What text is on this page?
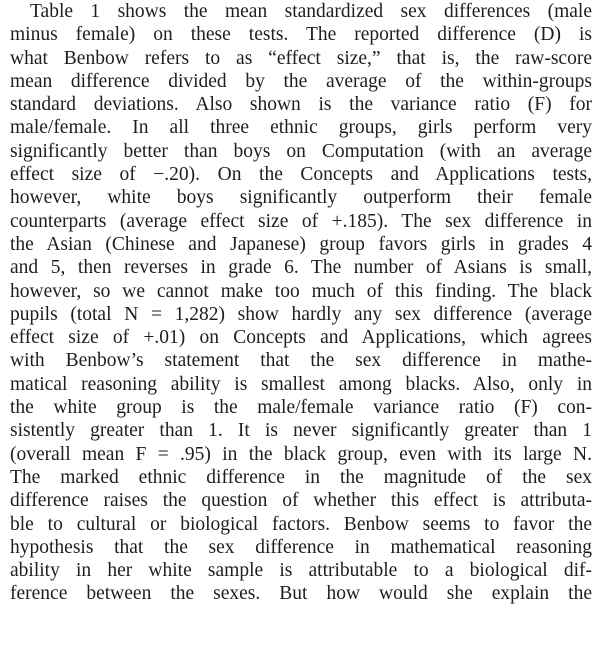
Table 1 shows the mean standardized sex differences (male
minus female) on these tests. The reported difference (D) is
what Benbow refers to as “effect size,” that is, the raw-score
mean difference divided by the average of the within-groups
standard deviations. Also shown is the variance ratio (F) for
male/female. In all three ethnic groups, girls perform very
significantly better than boys on Computation (with an average
effect size of −.20). On the Concepts and Applications tests,
however, white boys significantly outperform their female
counterparts (average effect size of +.185). The sex difference in
the Asian (Chinese and Japanese) group favors girls in grades 4
and 5, then reverses in grade 6. The number of Asians is small,
however, so we cannot make too much of this finding. The black
pupils (total N = 1,282) show hardly any sex difference (average
effect size of +.01) on Concepts and Applications, which agrees
with Benbow’s statement that the sex difference in mathe-
matical reasoning ability is smallest among blacks. Also, only in
the white group is the male/female variance ratio (F) con-
sistently greater than 1. It is never significantly greater than 1
(overall mean F = .95) in the black group, even with its large N.
The marked ethnic difference in the magnitude of the sex
difference raises the question of whether this effect is attributa-
ble to cultural or biological factors. Benbow seems to favor the
hypothesis that the sex difference in mathematical reasoning
ability in her white sample is attributable to a biological dif-
ference between the sexes. But how would she explain the
